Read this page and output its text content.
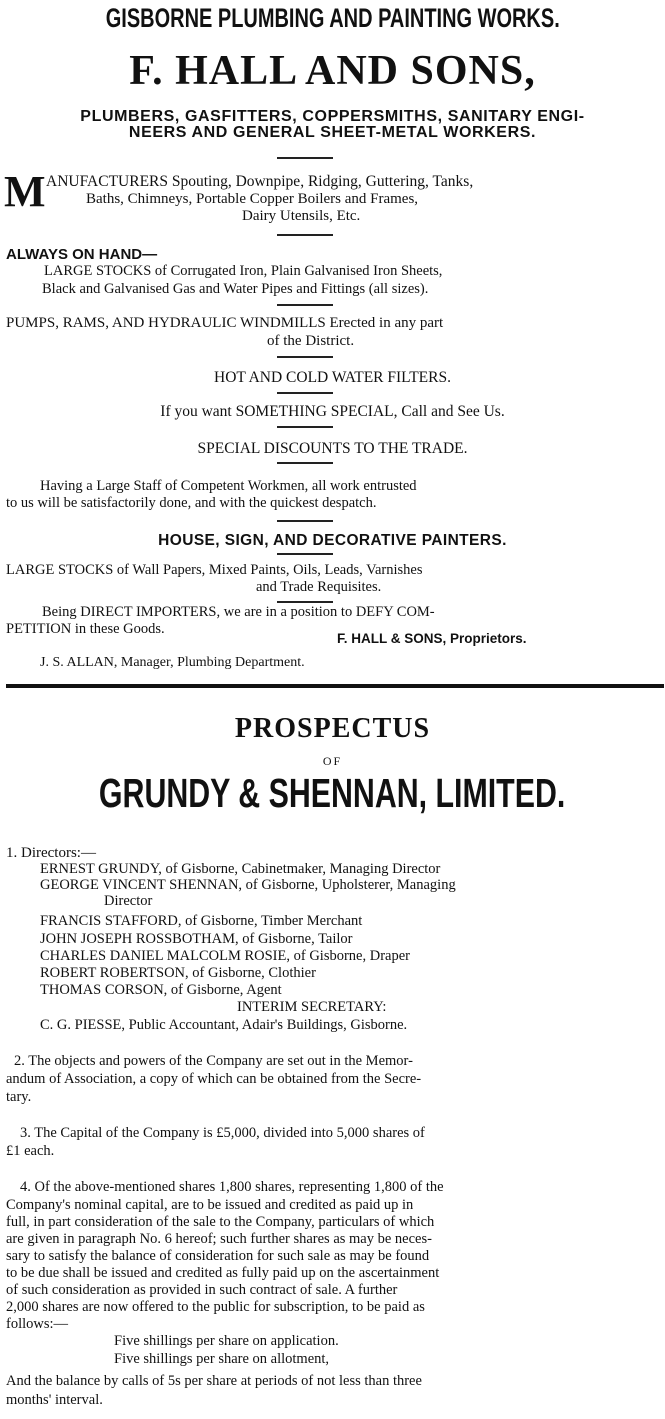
GISBORNE PLUMBING AND PAINTING WORKS.
F. HALL AND SONS,
PLUMBERS, GASFITTERS, COPPERSMITHS, SANITARY ENGI-
NEERS AND GENERAL SHEET-METAL WORKERS.
M ANUFACTURERS Spouting, Downpipe, Ridging, Guttering, Tanks,
Baths, Chimneys, Portable Copper Boilers and Frames,
Dairy Utensils, Etc.
ALWAYS ON HAND—
LARGE STOCKS of Corrugated Iron, Plain Galvanised Iron Sheets,
Black and Galvanised Gas and Water Pipes and Fittings (all sizes).
PUMPS, RAMS, AND HYDRAULIC WINDMILLS Erected in any part
of the District.
HOT AND COLD WATER FILTERS.
If you want SOMETHING SPECIAL, Call and See Us.
SPECIAL DISCOUNTS TO THE TRADE.
Having a Large Staff of Competent Workmen, all work entrusted
to us will be satisfactorily done, and with the quickest despatch.
HOUSE, SIGN, AND DECORATIVE PAINTERS.
LARGE STOCKS of Wall Papers, Mixed Paints, Oils, Leads, Varnishes
and Trade Requisites.
Being DIRECT IMPORTERS, we are in a position to DEFY COM-
PETITION in these Goods.
F. HALL & SONS, Proprietors.
J. S. ALLAN, Manager, Plumbing Department.
PROSPECTUS
OF
GRUNDY & SHENNAN, LIMITED.
1. Directors:—
ERNEST GRUNDY, of Gisborne, Cabinetmaker, Managing Director
GEORGE VINCENT SHENNAN, of Gisborne, Upholsterer, Managing
Director
FRANCIS STAFFORD, of Gisborne, Timber Merchant
JOHN JOSEPH ROSSBOTHAM, of Gisborne, Tailor
CHARLES DANIEL MALCOLM ROSIE, of Gisborne, Draper
ROBERT ROBERTSON, of Gisborne, Clothier
THOMAS CORSON, of Gisborne, Agent
INTERIM SECRETARY:
C. G. PIESSE, Public Accountant, Adair's Buildings, Gisborne.
2. The objects and powers of the Company are set out in the Memor-
andum of Association, a copy of which can be obtained from the Secre-
tary.
3. The Capital of the Company is £5,000, divided into 5,000 shares of
£1 each.
4. Of the above-mentioned shares 1,800 shares, representing 1,800 of the
Company's nominal capital, are to be issued and credited as paid up in
full, in part consideration of the sale to the Company, particulars of which
are given in paragraph No. 6 hereof; such further shares as may be neces-
sary to satisfy the balance of consideration for such sale as may be found
to be due shall be issued and credited as fully paid up on the ascertainment
of such consideration as provided in such contract of sale. A further
2,000 shares are now offered to the public for subscription, to be paid as
follows:—
Five shillings per share on application.
Five shillings per share on allotment,
And the balance by calls of 5s per share at periods of not less than three
months' interval.
